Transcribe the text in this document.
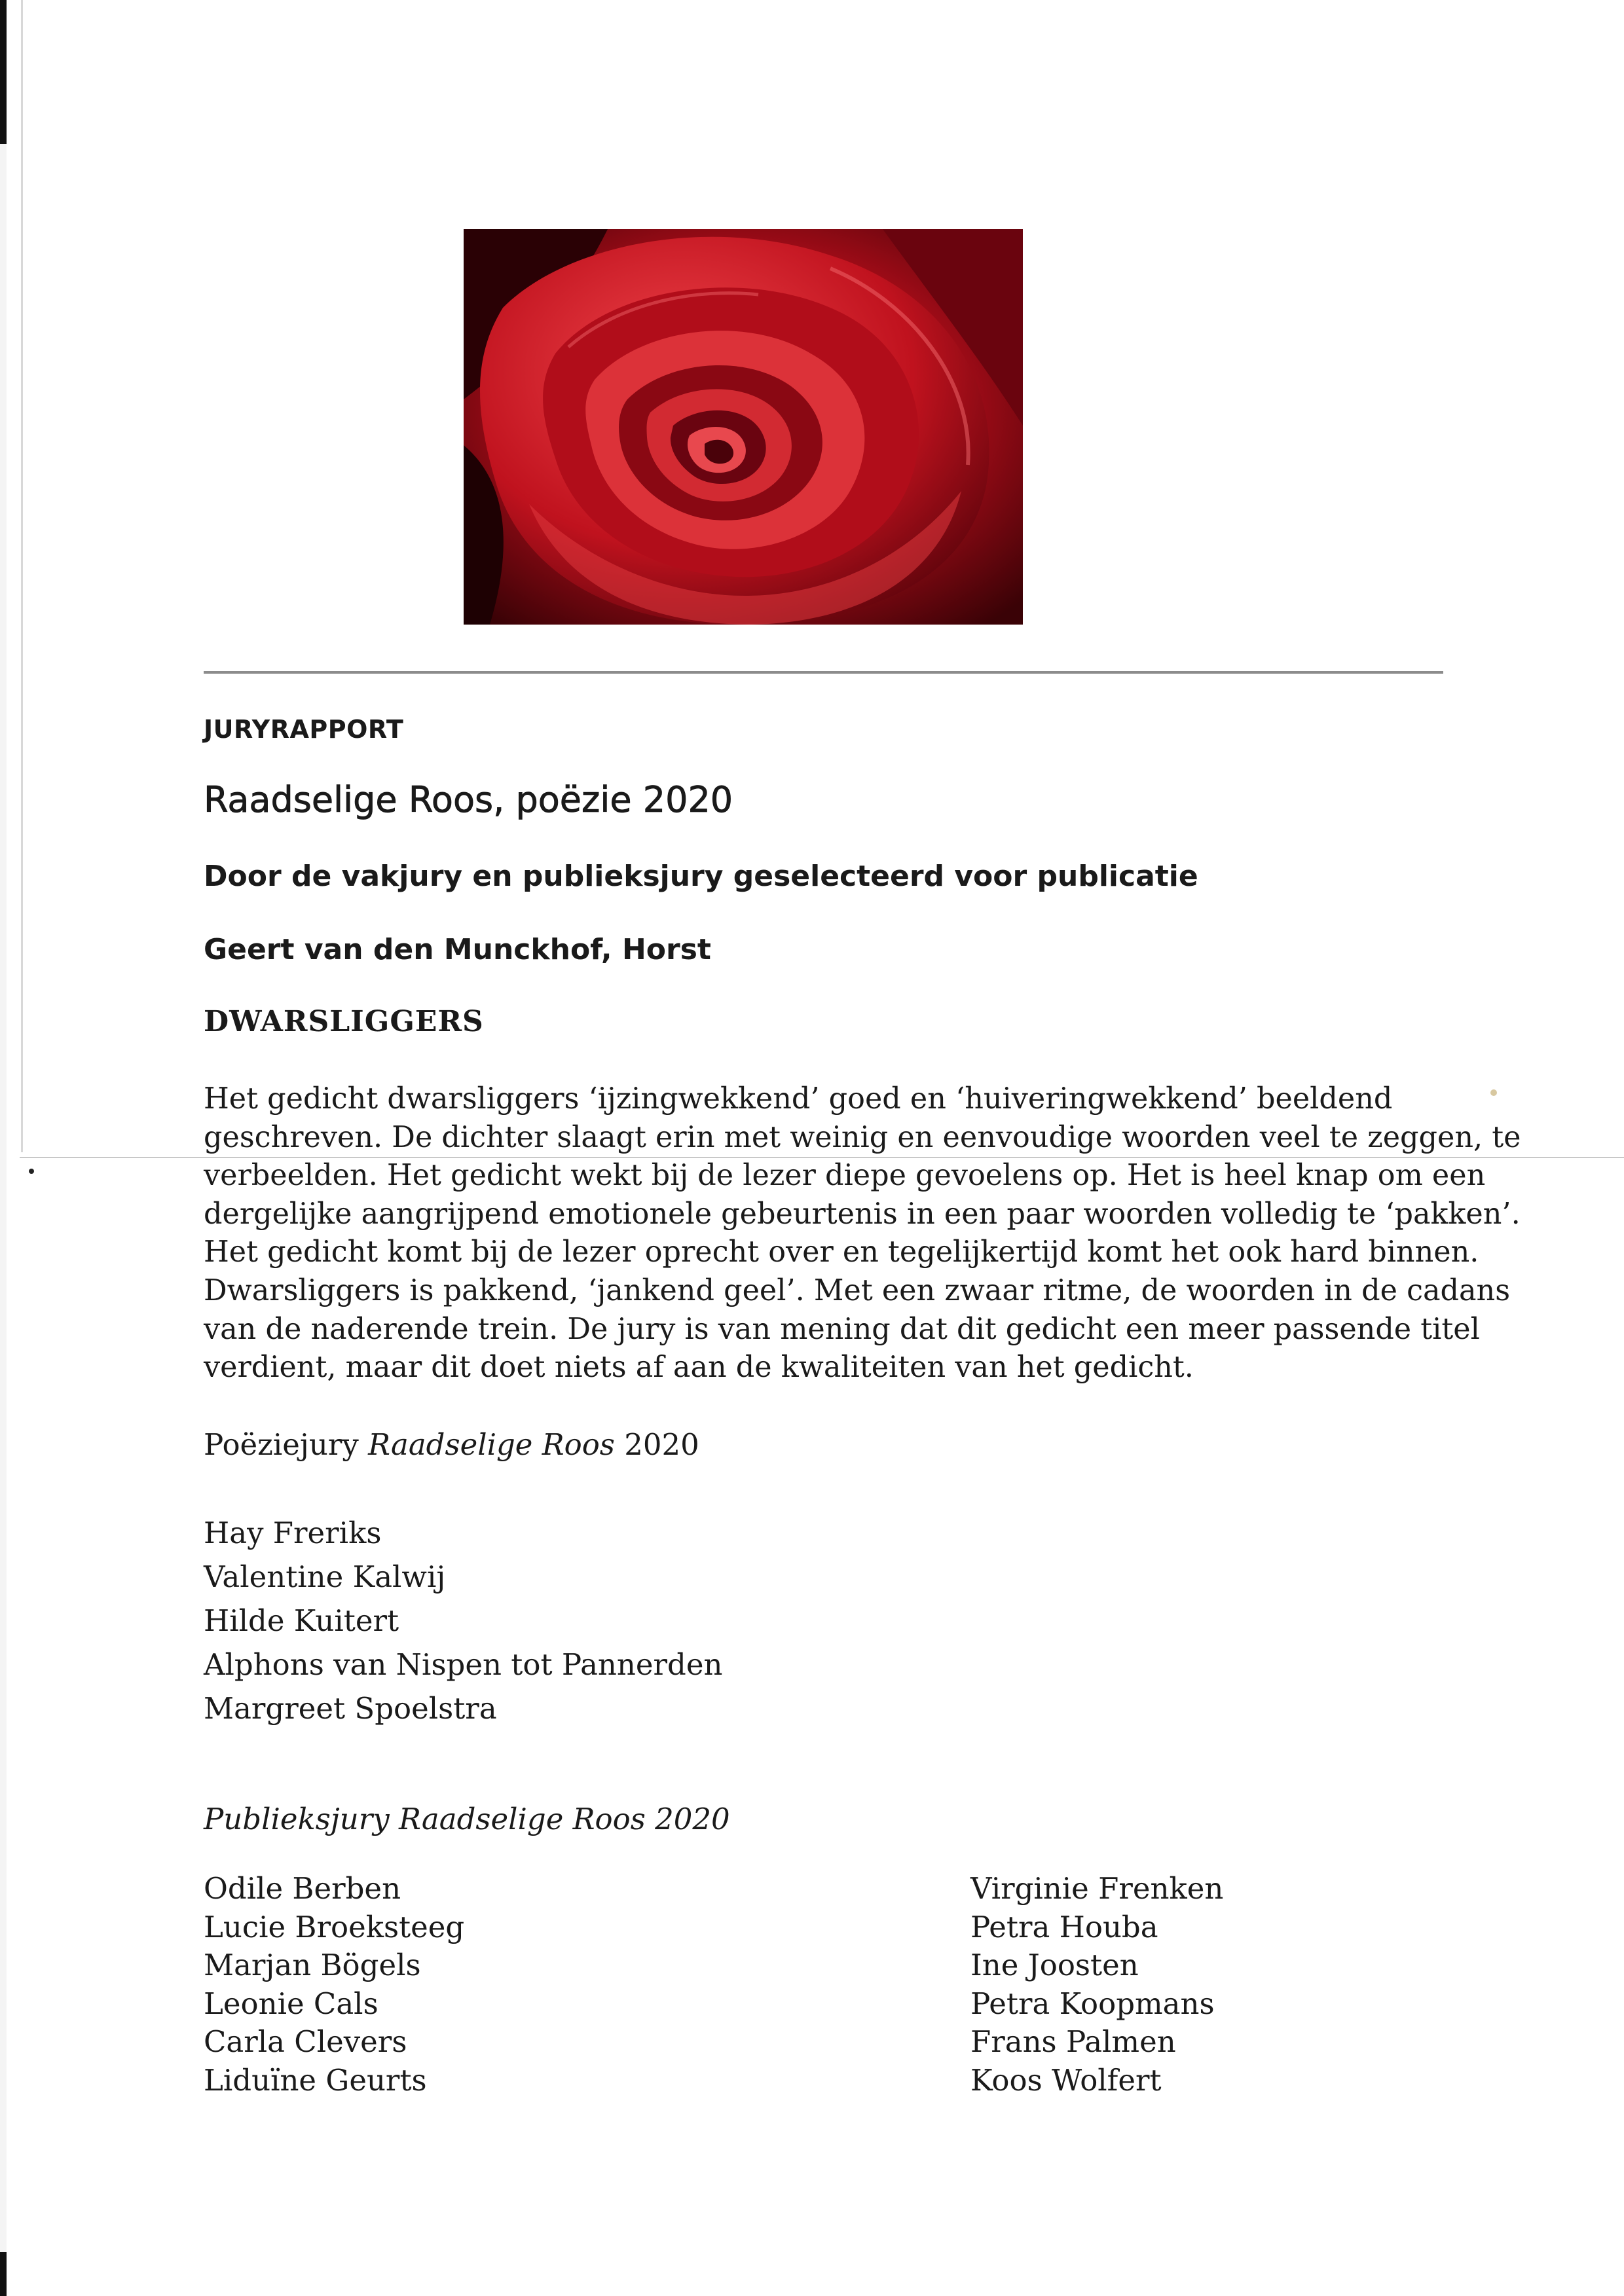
JURYRAPPORT
Raadselige Roos, poëzie 2020
Door de vakjury en publieksjury geselecteerd voor publicatie
Geert van den Munckhof, Horst
DWARSLIGGERS

Het gedicht dwarsliggers ‘ijzingwekkend’ goed en ‘huiveringwekkend’ beeldend
geschreven. De dichter slaagt erin met weinig en eenvoudige woorden veel te zeggen, te
verbeelden. Het gedicht wekt bij de lezer diepe gevoelens op. Het is heel knap om een
dergelijke aangrijpend emotionele gebeurtenis in een paar woorden volledig te ‘pakken’.
Het gedicht komt bij de lezer oprecht over en tegelijkertijd komt het ook hard binnen.
Dwarsliggers is pakkend, ‘jankend geel’. Met een zwaar ritme, de woorden in de cadans
van de naderende trein. De jury is van mening dat dit gedicht een meer passende titel
verdient, maar dit doet niets af aan de kwaliteiten van het gedicht.

Poëziejury Raadselige Roos 2020
Hay Freriks
Valentine Kalwij
Hilde Kuitert
Alphons van Nispen tot Pannerden
Margreet Spoelstra
Publieksjury Raadselige Roos 2020
Odile Berben
Lucie Broeksteeg
Marjan Bögels
Leonie Cals
Carla Clevers
Liduïne Geurts
Virginie Frenken
Petra Houba
Ine Joosten
Petra Koopmans
Frans Palmen
Koos Wolfert
